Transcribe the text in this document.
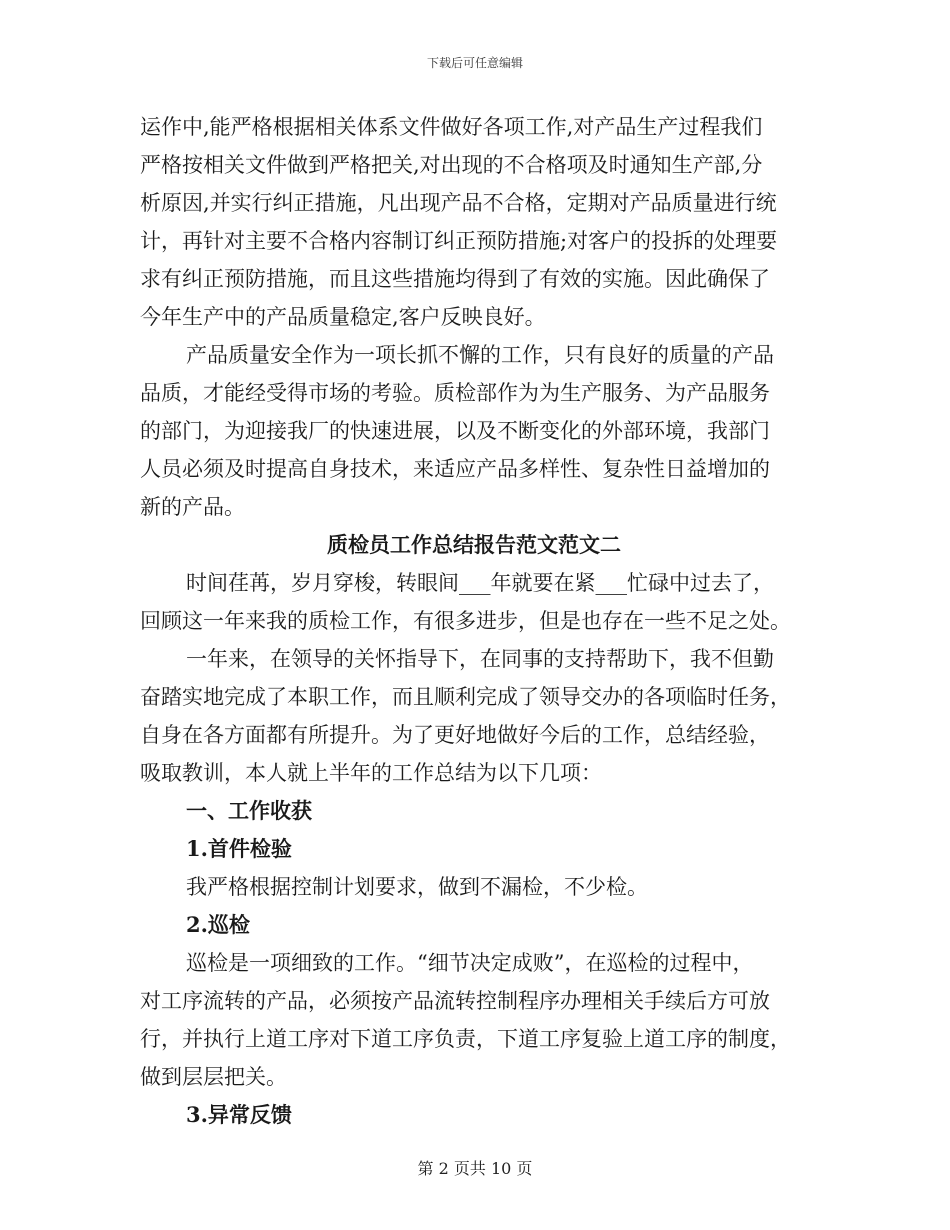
下载后可任意编辑
运作中,能严格根据相关体系文件做好各项工作,对产品生产过程我们
严格按相关文件做到严格把关,对出现的不合格项及时通知生产部,分
析原因,并实行纠正措施，凡出现产品不合格，定期对产品质量进行统
计，再针对主要不合格内容制订纠正预防措施;对客户的投拆的处理要
求有纠正预防措施，而且这些措施均得到了有效的实施。因此确保了
今年生产中的产品质量稳定,客户反映良好。
产品质量安全作为一项长抓不懈的工作，只有良好的质量的产品
品质，才能经受得市场的考验。质检部作为为生产服务、为产品服务
的部门，为迎接我厂的快速进展，以及不断变化的外部环境，我部门
人员必须及时提高自身技术，来适应产品多样性、复杂性日益增加的
新的产品。
质检员工作总结报告范文范文二
时间荏苒，岁月穿梭，转眼间___年就要在紧___忙碌中过去了，
回顾这一年来我的质检工作，有很多进步，但是也存在一些不足之处。
一年来，在领导的关怀指导下，在同事的支持帮助下，我不但勤
奋踏实地完成了本职工作，而且顺利完成了领导交办的各项临时任务，
自身在各方面都有所提升。为了更好地做好今后的工作，总结经验，
吸取教训，本人就上半年的工作总结为以下几项：
一、工作收获
1.首件检验
我严格根据控制计划要求，做到不漏检，不少检。
2.巡检
巡检是一项细致的工作。“细节决定成败”，在巡检的过程中，
对工序流转的产品，必须按产品流转控制程序办理相关手续后方可放
行，并执行上道工序对下道工序负责，下道工序复验上道工序的制度，
做到层层把关。
3.异常反馈
第 2 页共 10 页
